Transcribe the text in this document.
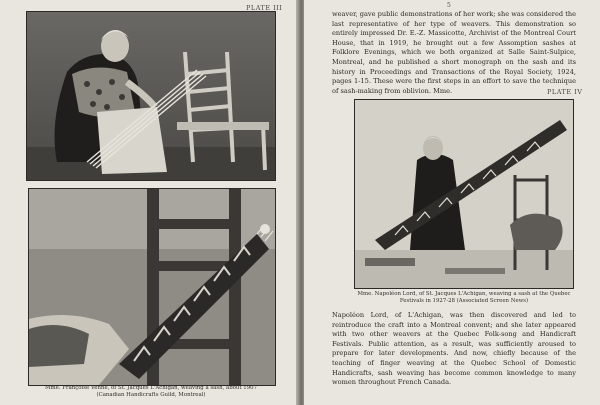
PLATE III
Mme. Françoise Venne, of St. Jacques L'Achigan, weaving a sash, about 1907
(Canadian Handicrafts Guild, Montreal)
5

weaver, gave public demonstrations of her work; she was considered the last representative of her type of weavers. This demonstration so entirely impressed Dr. E.-Z. Massicotte, Archivist of the Montreal Court House, that in 1919, he brought out a few Assomption sashes at Folklore Evenings, which we both organized at Salle Saint-Sulpice, Montreal, and he published a short monograph on the sash and its history in Proceedings and Transactions of the Royal Society, 1924, pages 1-15. These were the first steps in an effort to save the technique of sash-making from oblivion. Mme.	PLATE IV
Mme. Napoléon Lord, of St. Jacques L'Achigan, weaving a sash at the Quebec
Festivals in 1927-28 (Associated Screen News)

Napoléon Lord, of L'Achigan, was then discovered and led to reintroduce the craft into a Montreal convent; and she later appeared with two other weavers at the Quebec Folk-song and Handicraft Festivals. Public attention, as a result, was sufficiently aroused to prepare for later developments. And now, chiefly because of the teaching of finger weaving at the Quebec School of Domestic Handicrafts, sash weaving has become common knowledge to many women throughout French Canada.
